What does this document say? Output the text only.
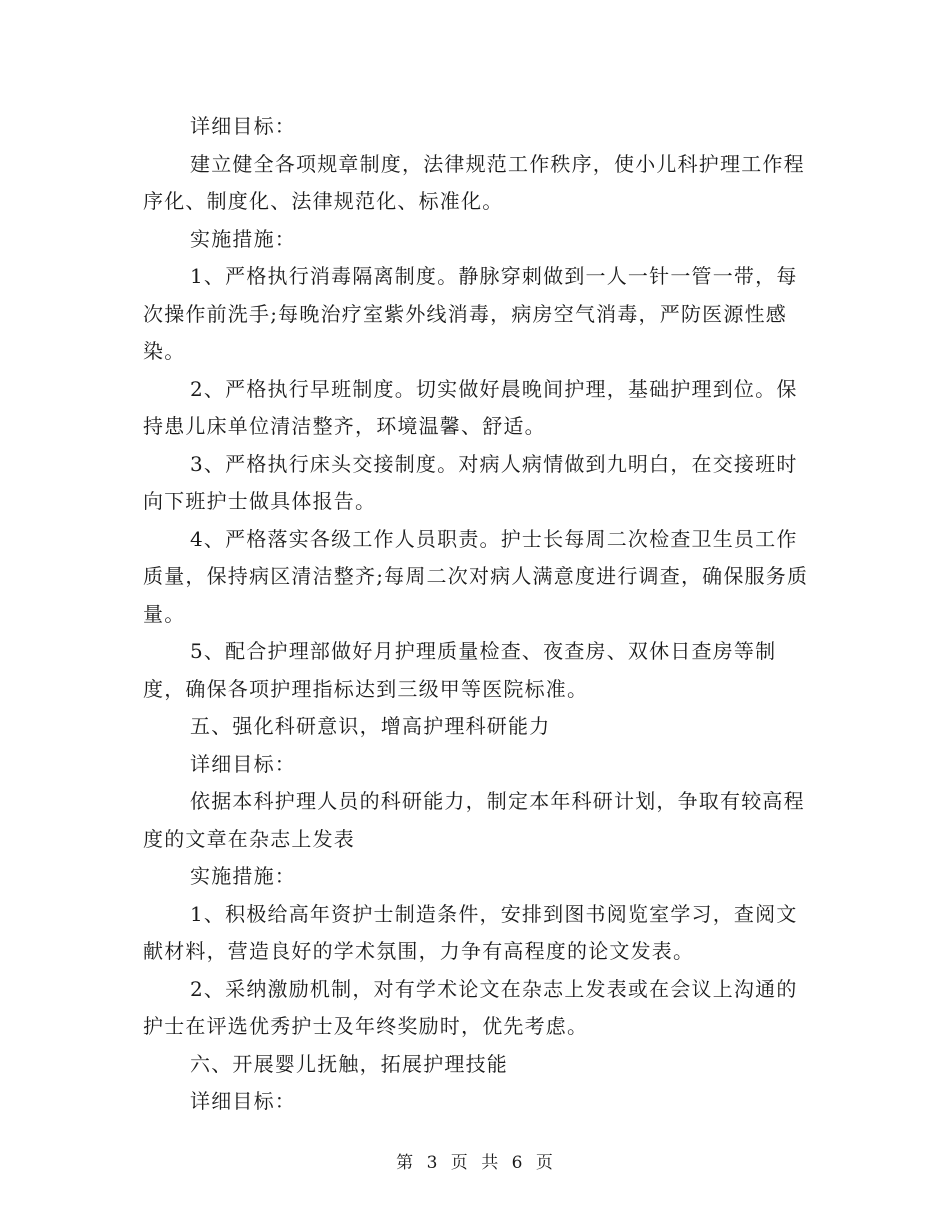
详细目标：

建立健全各项规章制度，法律规范工作秩序，使小儿科护理工作程序化、制度化、法律规范化、标准化。

实施措施：

1、严格执行消毒隔离制度。静脉穿刺做到一人一针一管一带，每次操作前洗手;每晚治疗室紫外线消毒，病房空气消毒，严防医源性感染。

2、严格执行早班制度。切实做好晨晚间护理，基础护理到位。保持患儿床单位清洁整齐，环境温馨、舒适。

3、严格执行床头交接制度。对病人病情做到九明白，在交接班时向下班护士做具体报告。

4、严格落实各级工作人员职责。护士长每周二次检查卫生员工作质量，保持病区清洁整齐;每周二次对病人满意度进行调查，确保服务质量。

5、配合护理部做好月护理质量检查、夜查房、双休日查房等制度，确保各项护理指标达到三级甲等医院标准。

五、强化科研意识，增高护理科研能力

详细目标：

依据本科护理人员的科研能力，制定本年科研计划，争取有较高程度的文章在杂志上发表

实施措施：

1、积极给高年资护士制造条件，安排到图书阅览室学习，查阅文献材料，营造良好的学术氛围，力争有高程度的论文发表。

2、采纳激励机制，对有学术论文在杂志上发表或在会议上沟通的护士在评选优秀护士及年终奖励时，优先考虑。

六、开展婴儿抚触，拓展护理技能

详细目标：

第 3 页 共 6 页
